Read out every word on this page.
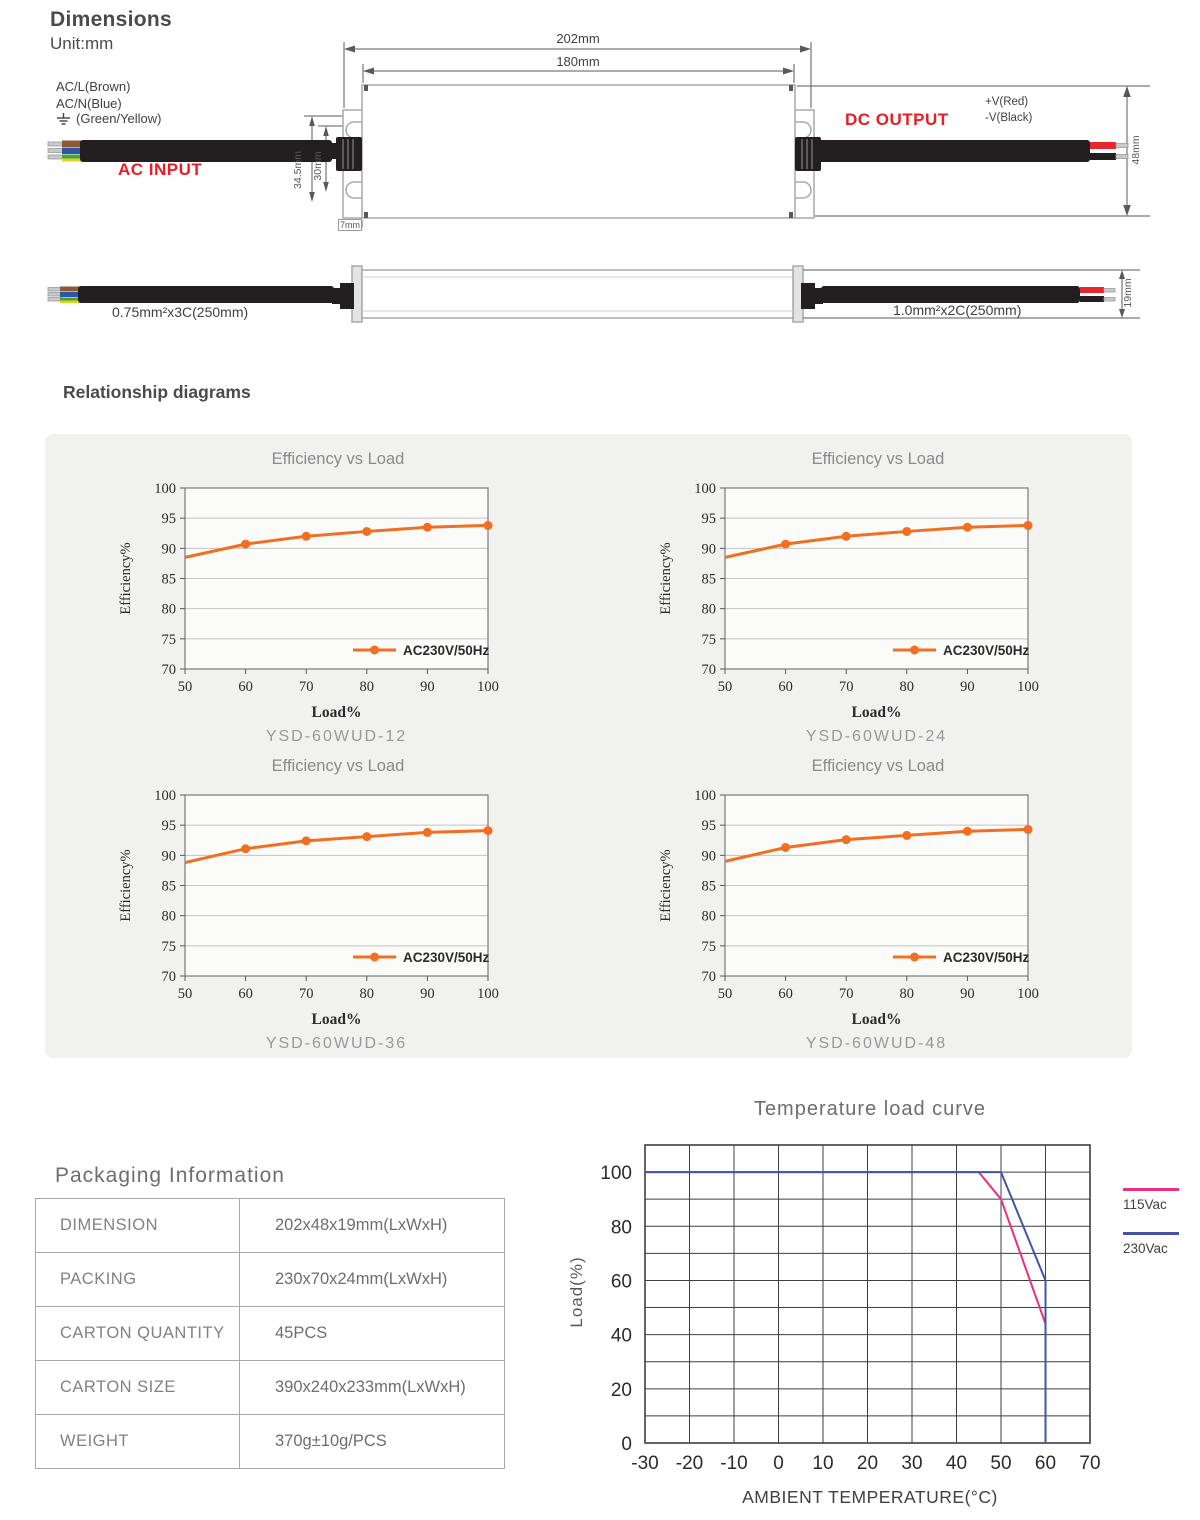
Dimensions
Unit:mm
AC/L(Brown)
AC/N(Blue)
(Green/Yellow)
AC INPUT
DC OUTPUT
+V(Red)
-V(Black)
202mm
180mm
48mm
34.5mm 30mm
7mm
19mm
0.75mm²x3C(250mm)	1.0mm²x2C(250mm)
Relationship diagrams
Efficiency vs Load
70
75
80
85
90
95
100
50	60	70	80	90	100
Efficiency%
AC230V/50Hz
Load%
YSD-60WUD-12
Efficiency vs Load
70
75
80
85
90
95
100
50	60	70	80	90	100
Efficiency%
AC230V/50Hz
Load%
YSD-60WUD-24
Efficiency vs Load
70
75
80
85
90
95
100
50	60	70	80	90	100
Efficiency%
AC230V/50Hz
Load%
YSD-60WUD-36
Efficiency vs Load
70
75
80
85
90
95
100
50	60	70	80	90	100
Efficiency%
AC230V/50Hz
Load%
YSD-60WUD-48
Packaging Information
DIMENSION	202x48x19mm(LxWxH)
PACKING	230x70x24mm(LxWxH)
CARTON QUANTITY	45PCS
CARTON SIZE	390x240x233mm(LxWxH)
WEIGHT	370g±10g/PCS
Temperature load curve
0
20
40
60
80
100
-30 -20 -10 0 10 20 30 40 50 60 70
Load(%)
AMBIENT TEMPERATURE(°C)
115Vac
230Vac
